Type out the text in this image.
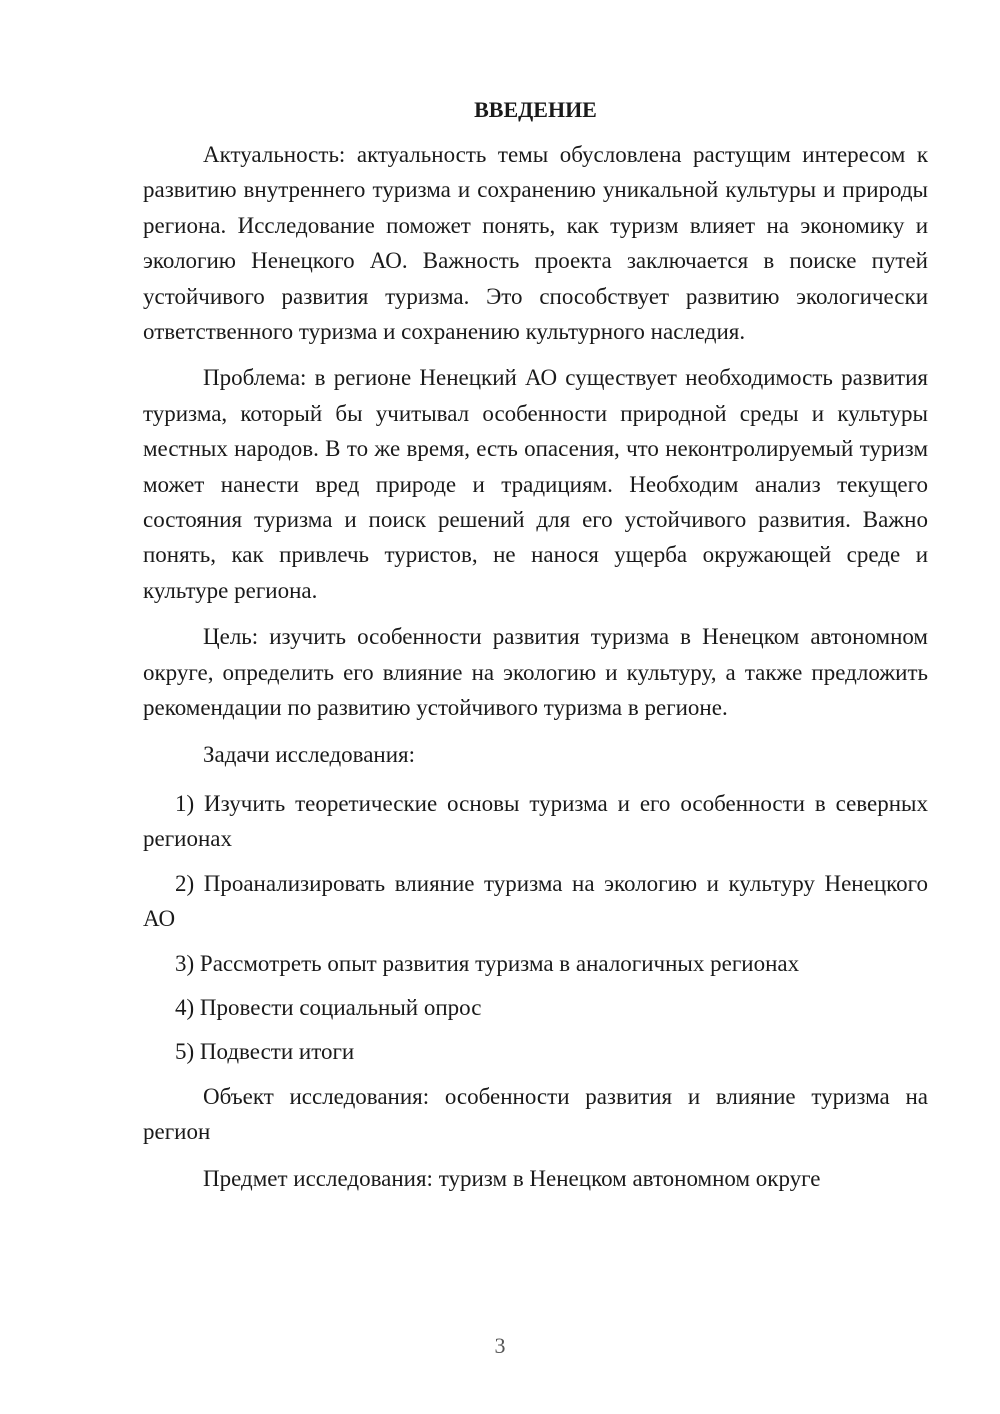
ВВЕДЕНИЕ

Актуальность: актуальность темы обусловлена растущим интересом к развитию внутреннего туризма и сохранению уникальной культуры и природы региона. Исследование поможет понять, как туризм влияет на экономику и экологию Ненецкого АО. Важность проекта заключается в поиске путей устойчивого развития туризма. Это способствует развитию экологически ответственного туризма и сохранению культурного наследия.

Проблема: в регионе Ненецкий АО существует необходимость развития туризма, который бы учитывал особенности природной среды и культуры местных народов. В то же время, есть опасения, что неконтролируемый туризм может нанести вред природе и традициям. Необходим анализ текущего состояния туризма и поиск решений для его устойчивого развития. Важно понять, как привлечь туристов, не нанося ущерба окружающей среде и культуре региона.

Цель: изучить особенности развития туризма в Ненецком автономном округе, определить его влияние на экологию и культуру, а также предложить рекомендации по развитию устойчивого туризма в регионе.

Задачи исследования:

1) Изучить теоретические основы туризма и его особенности в северных регионах

2) Проанализировать влияние туризма на экологию и культуру Ненецкого АО

3) Рассмотреть опыт развития туризма в аналогичных регионах

4) Провести социальный опрос

5) Подвести итоги

Объект исследования: особенности развития и влияние туризма на регион

Предмет исследования: туризм в Ненецком автономном округе

3
